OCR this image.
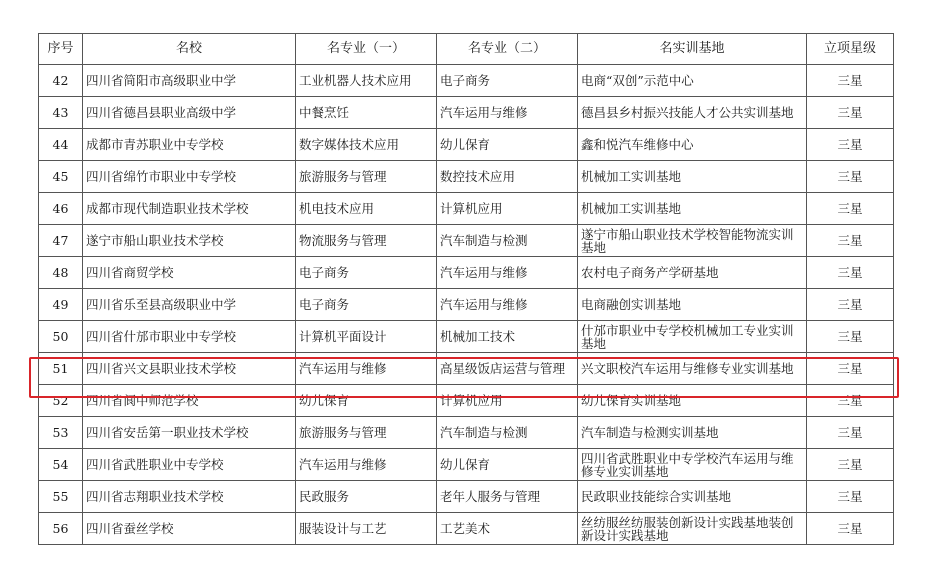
序号	名校	名专业（一）	名专业（二）	名实训基地	立项星级
42	四川省简阳市高级职业中学	工业机器人技术应用	电子商务	电商“双创”示范中心	三星
43	四川省德昌县职业高级中学	中餐烹饪	汽车运用与维修	德昌县乡村振兴技能人才公共实训基地	三星
44	成都市青苏职业中专学校	数字媒体技术应用	幼儿保育	鑫和悦汽车维修中心	三星
45	四川省绵竹市职业中专学校	旅游服务与管理	数控技术应用	机械加工实训基地	三星
46	成都市现代制造职业技术学校	机电技术应用	计算机应用	机械加工实训基地	三星
47	遂宁市船山职业技术学校	物流服务与管理	汽车制造与检测	遂宁市船山职业技术学校智能物流实训基地	三星
48	四川省商贸学校	电子商务	汽车运用与维修	农村电子商务产学研基地	三星
49	四川省乐至县高级职业中学	电子商务	汽车运用与维修	电商融创实训基地	三星
50	四川省什邡市职业中专学校	计算机平面设计	机械加工技术	什邡市职业中专学校机械加工专业实训基地	三星
51	四川省兴文县职业技术学校	汽车运用与维修	高星级饭店运营与管理	兴文职校汽车运用与维修专业实训基地	三星
52	四川省阆中师范学校	幼儿保育	计算机应用	幼儿保育实训基地	三星
53	四川省安岳第一职业技术学校	旅游服务与管理	汽车制造与检测	汽车制造与检测实训基地	三星
54	四川省武胜职业中专学校	汽车运用与维修	幼儿保育	四川省武胜职业中专学校汽车运用与维修专业实训基地	三星
55	四川省志翔职业技术学校	民政服务	老年人服务与管理	民政职业技能综合实训基地	三星
56	四川省蚕丝学校	服装设计与工艺	工艺美术	丝纺服丝纺服装创新设计实践基地装创新设计实践基地	三星
